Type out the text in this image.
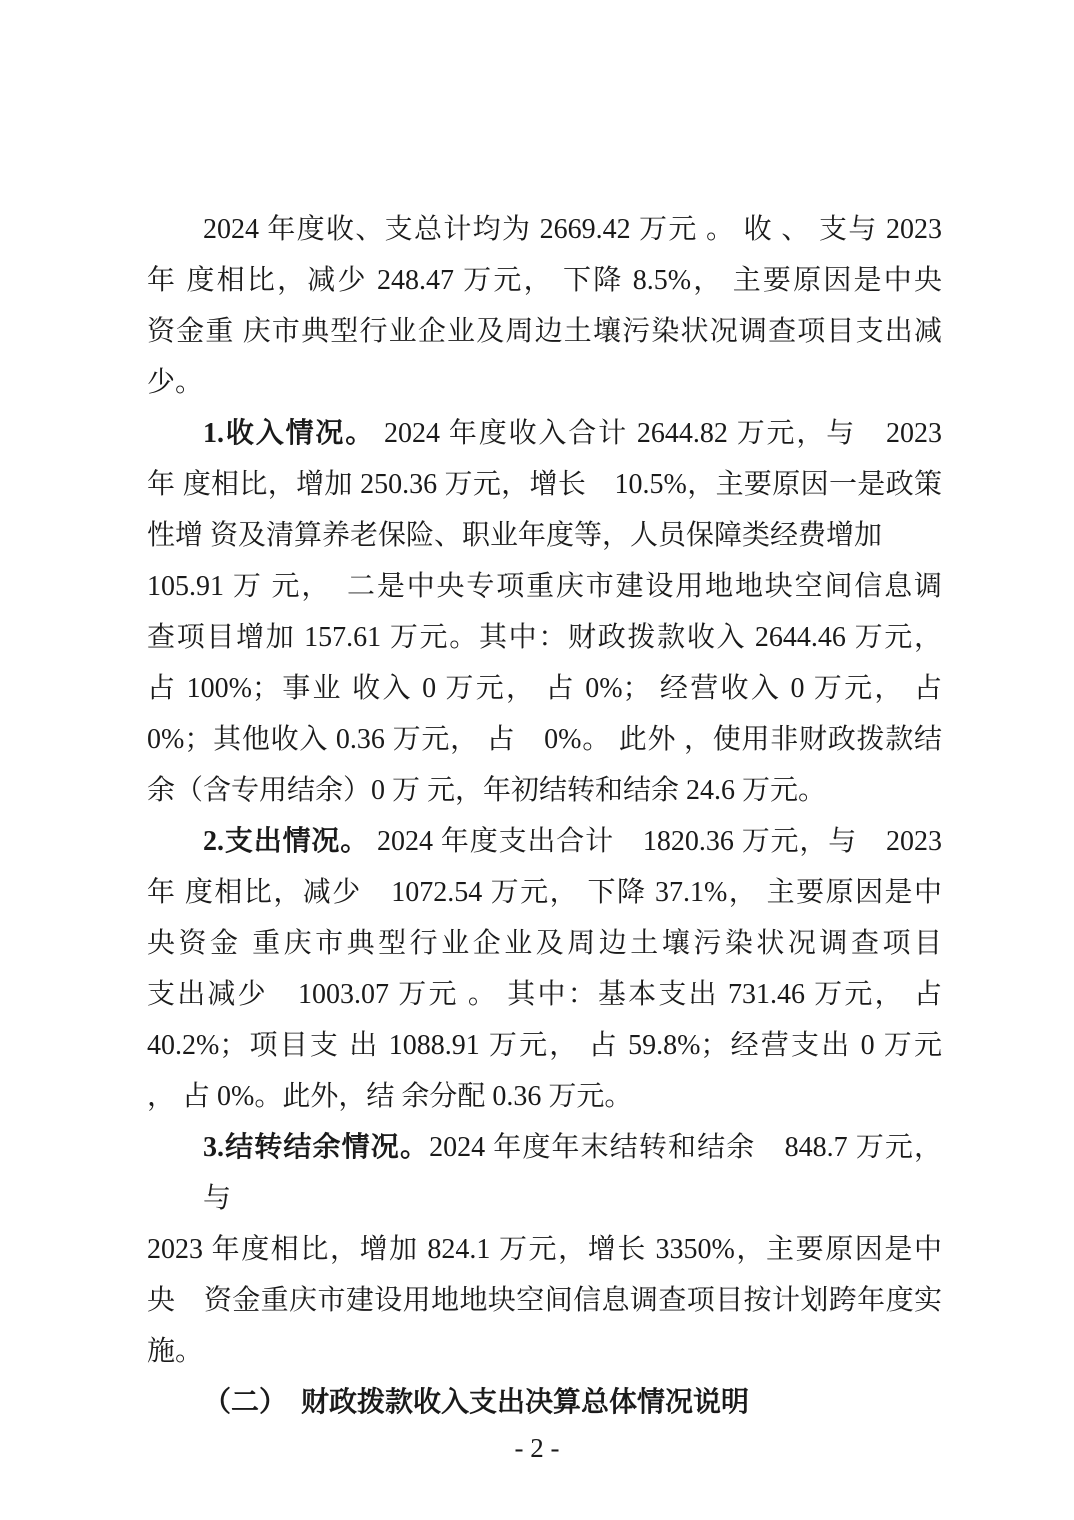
2024 年度收、支总计均为 2669.42 万元 。 收 、 支与 2023
年 度相比，减少 248.47 万元， 下降 8.5%， 主要原因是中央
资金重 庆市典型行业企业及周边土壤污染状况调查项目支出减
少。
1.收入情况。 2024 年度收入合计 2644.82 万元，与　2023
年 度相比，增加 250.36 万元，增长　10.5%，主要原因一是政策
性增 资及清算养老保险、职业年度等，人员保障类经费增加
105.91 万 元，　二是中央专项重庆市建设用地地块空间信息调
查项目增加 157.61 万元。其中：财政拨款收入 2644.46 万元，
占 100%；事业 收入 0 万元， 占 0%； 经营收入 0 万元， 占
0%；其他收入 0.36 万元， 占　0%。 此外 ，使用非财政拨款结
余（含专用结余）0 万 元，年初结转和结余 24.6 万元。
2.支出情况。 2024 年度支出合计　1820.36 万元，与　2023
年 度相比，减少　1072.54 万元， 下降 37.1%， 主要原因是中
央资金 重庆市典型行业企业及周边土壤污染状况调查项目
支出减少　1003.07 万元 。 其中：基本支出 731.46 万元， 占
40.2%；项目支 出 1088.91 万元， 占 59.8%；经营支出 0 万元
， 占 0%。此外，结 余分配 0.36 万元。
3.结转结余情况。2024 年度年末结转和结余　848.7 万元，与
2023 年度相比，增加 824.1 万元，增长 3350%，主要原因是中
央　资金重庆市建设用地地块空间信息调查项目按计划跨年度实
施。
（二）　财政拨款收入支出决算总体情况说明
- 2 -
